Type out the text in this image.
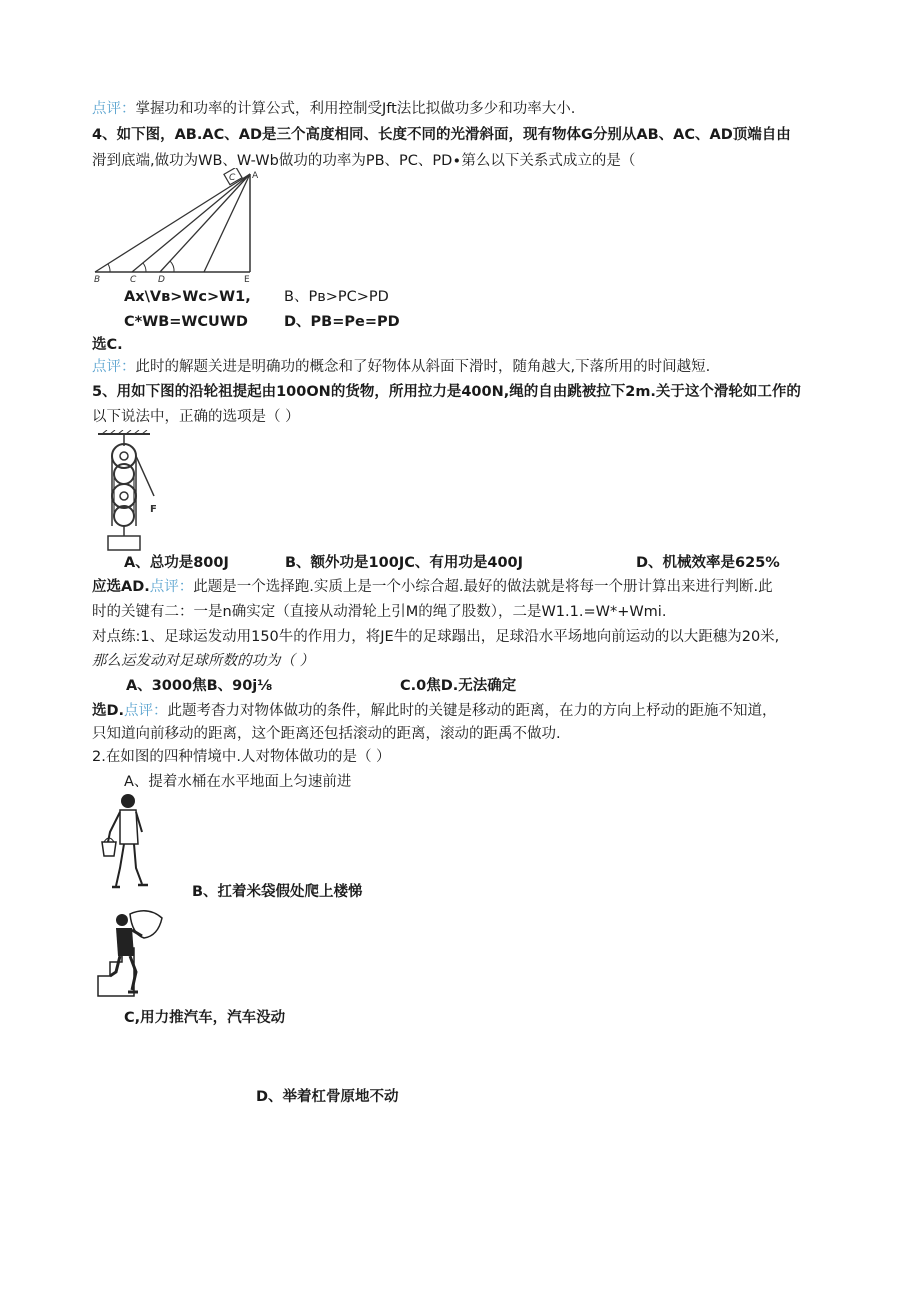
点评：掌握功和功率的计算公式，利用控制受Jft法比拟做功多少和功率大小.
4、如下图，AB.AC、AD是三个高度相同、长度不同的光滑斜面，现有物体G分别从AB、AC、AD顶端自由
滑到底端,做功为WB、W-Wb做功的功率为PB、PC、PD∙第么以下关系式成立的是（
C A
B	C D	E
Ax\Vв>Wc>W1, B、Pв>PC>PD
C*WB=WCUWD D、PB=Pe=PD
选C.
点评：此时的解题关进是明确功的概念和了好物体从斜面下滑时，随角越大,下落所用的时间越短.
5、用如下图的沿轮祖提起由100ON的货物，所用拉力是400N,绳的自由跳被拉下2m.关于这个滑轮如工作的
以下说法中，正确的选项是（ ）
F
A、总功是800J	B、额外功是100JC、有用功是400J	D、机械效率是625%
应选AD.点评：此题是一个选择跑.实质上是一个小综合超.最好的做法就是将每一个册计算出来进行判断.此
时的关键有二：一是n确实定（直接从动滑轮上引M的绳了股数），二是W1.1.=W*+Wmi.
对点练:1、足球运发动用150牛的作用力，将JE牛的足球蹋出，足球沿水平场地向前运动的以大距穗为20米,
那么运发动对足球所数的功为（ ）
A、3000焦B、90j⅛	C.0焦D.无法确定
选D.点评：此题考杳力对物体做功的条件，解此时的关键是移动的距离，在力的方向上杼动的距施不知道，
只知道向前移动的距离，这个距离还包括滚动的距离，滚动的距禹不做功.
2.在如图的四种情境中.人对物体做功的是（ ）
A、提着水桶在水平地面上匀速前进
B、扛着米袋假处爬上楼悌
C,用力推汽车，汽车没动
D、举着杠骨原地不动
